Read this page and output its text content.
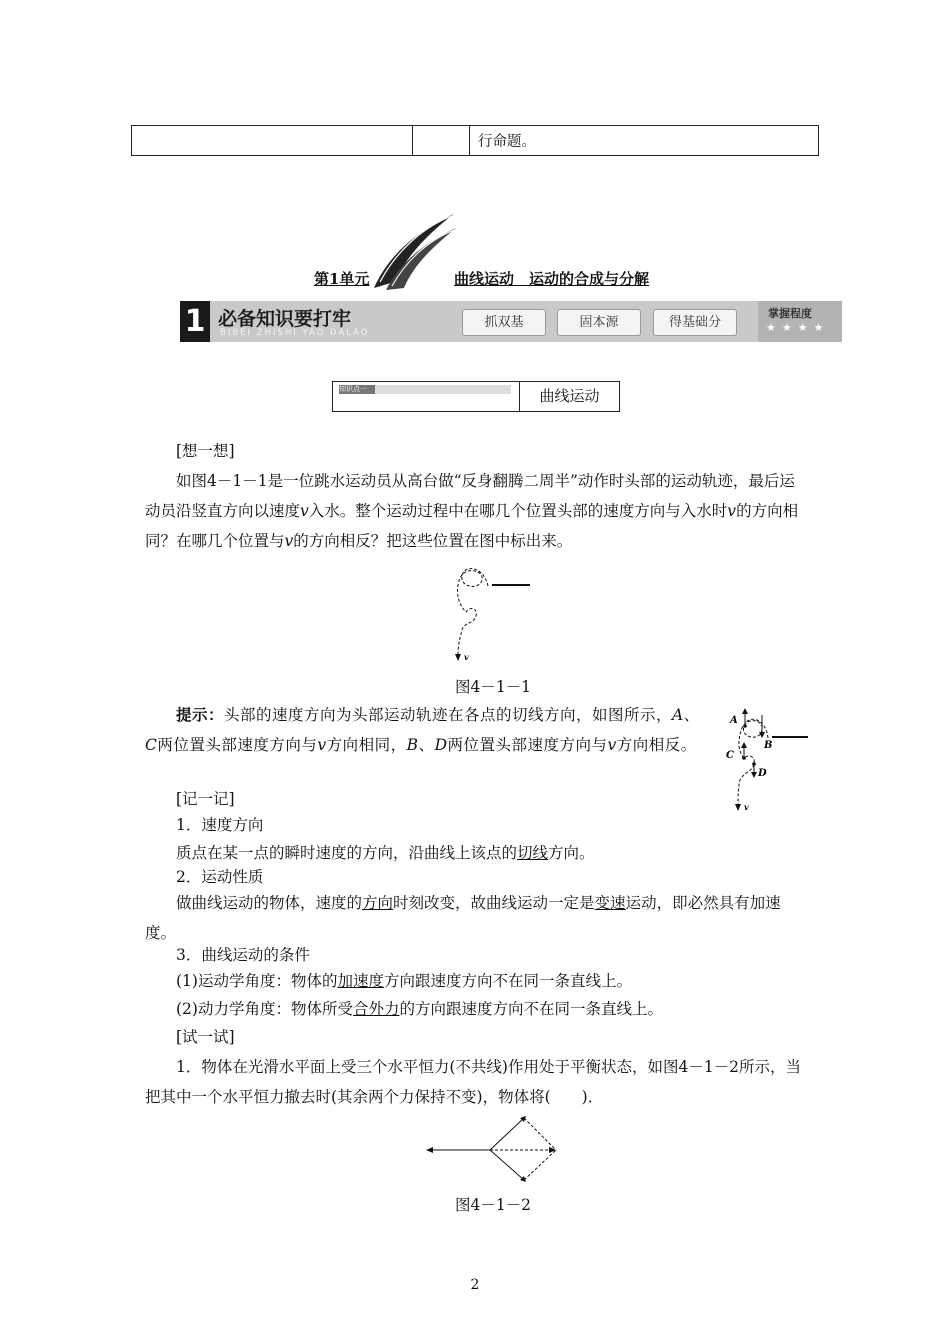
		行命题。
第1单元	曲线运动　运动的合成与分解
1 必备知识要打牢
BIBEI ZHISHI YAO DALAO
抓双基	固本源	得基础分
掌握程度
★★★★
知识点一	曲线运动
[想一想]
如图4－1－1是一位跳水运动员从高台做“反身翻腾二周半”动作时头部的运动轨迹，最后运动员沿竖直方向以速度v入水。整个运动过程中在哪几个位置头部的速度方向与入水时v的方向相同？在哪几个位置与v的方向相反？把这些位置在图中标出来。
v
图4－1－1
提示：头部的速度方向为头部运动轨迹在各点的切线方向，如图所示，A、C两位置头部速度方向与v方向相同，B、D两位置头部速度方向与v方向相反。
A
B
C
D
v
[记一记]
1．速度方向
质点在某一点的瞬时速度的方向，沿曲线上该点的切线方向。
2．运动性质
做曲线运动的物体，速度的方向时刻改变，故曲线运动一定是变速运动，即必然具有加速度。
3．曲线运动的条件
(1)运动学角度：物体的加速度方向跟速度方向不在同一条直线上。
(2)动力学角度：物体所受合外力的方向跟速度方向不在同一条直线上。
[试一试]
1．物体在光滑水平面上受三个水平恒力(不共线)作用处于平衡状态，如图4－1－2所示，当把其中一个水平恒力撤去时(其余两个力保持不变)，物体将(　　)．
图4－1－2
2
